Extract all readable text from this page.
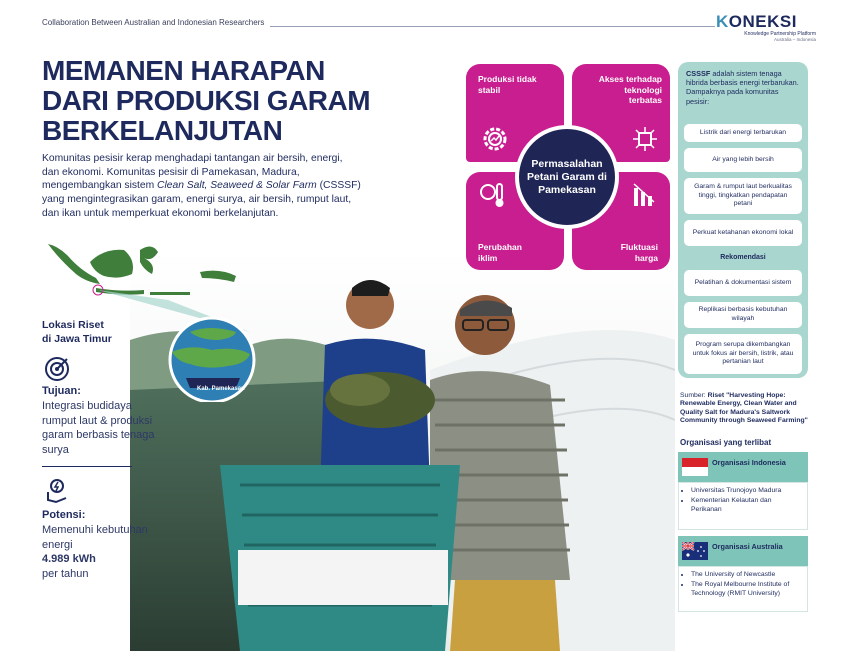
Collaboration Between Australian and Indonesian Researchers	KONEKSI
Knowledge Partnership Platform
Australia – Indonesia
MEMANEN HARAPAN
DARI PRODUKSI GARAM
BERKELANJUTAN
Komunitas pesisir kerap menghadapi tantangan air bersih, energi, dan ekonomi. Komunitas pesisir di Pamekasan, Madura, mengembangkan sistem Clean Salt, Seaweed & Solar Farm (CSSSF) yang mengintegrasikan garam, energi surya, air bersih, rumput laut, dan ikan untuk memperkuat ekonomi berkelanjutan.
Lokasi Riset
di Jawa Timur
Kab. Pamekasan
Tujuan:
Integrasi budidaya rumput laut & produksi garam berbasis tenaga surya
Potensi:
Memenuhi kebutuhan energi
4.989 kWh
per tahun
Produksi tidak stabil
Akses terhadap teknologi terbatas
Perubahan iklim
Fluktuasi harga
Permasalahan Petani Garam di Pamekasan
CSSSF adalah sistem tenaga hibrida berbasis energi terbarukan. Dampaknya pada komunitas pesisir:
Listrik dari energi terbarukan
Air yang lebih bersih
Garam & rumput laut berkualitas tinggi, tingkatkan pendapatan petani
Perkuat ketahanan ekonomi lokal
Rekomendasi
Pelatihan & dokumentasi sistem
Replikasi berbasis kebutuhan wilayah
Program serupa dikembangkan untuk fokus air bersih, listrik, atau pertanian laut
Sumber: Riset "Harvesting Hope: Renewable Energy, Clean Water and Quality Salt for Madura's Saltwork Community through Seaweed Farming"
Organisasi yang terlibat
Organisasi Indonesia
• Universitas Trunojoyo Madura
• Kementerian Kelautan dan Perikanan
Organisasi Australia
• The University of Newcastle
• The Royal Melbourne Institute of Technology (RMIT University)
